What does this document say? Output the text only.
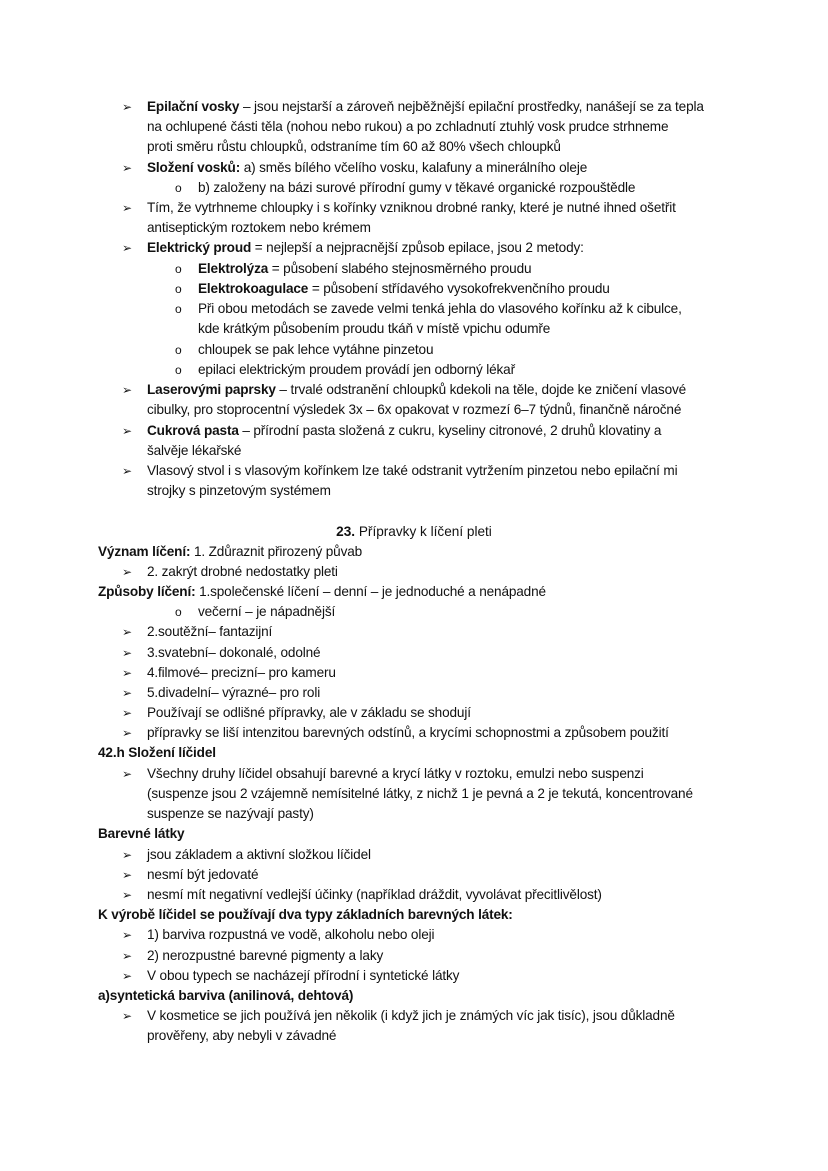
➢ Epilační vosky – jsou nejstarší a zároveň nejběžnější epilační prostředky, nanášejí se za tepla
na ochlupené části těla (nohou nebo rukou) a po zchladnutí ztuhlý vosk prudce strhneme
proti směru růstu chloupků, odstraníme tím 60 až 80% všech chloupků
➢ Složení vosků: a) směs bílého včelího vosku, kalafuny a minerálního oleje
o b) založeny na bázi surové přírodní gumy v těkavé organické rozpouštědle
➢ Tím, že vytrhneme chloupky i s kořínky vzniknou drobné ranky, které je nutné ihned ošetřit
antiseptickým roztokem nebo krémem
➢ Elektrický proud = nejlepší a nejpracnější způsob epilace, jsou 2 metody:
o Elektrolýza = působení slabého stejnosměrného proudu
o Elektrokoagulace = působení střídavého vysokofrekvenčního proudu
o Při obou metodách se zavede velmi tenká jehla do vlasového kořínku až k cibulce,
kde krátkým působením proudu tkáň v místě vpichu odumře
o chloupek se pak lehce vytáhne pinzetou
o epilaci elektrickým proudem provádí jen odborný lékař
➢ Laserovými paprsky – trvalé odstranění chloupků kdekoli na těle, dojde ke zničení vlasové
cibulky, pro stoprocentní výsledek 3x – 6x opakovat v rozmezí 6–7 týdnů, finančně náročné
➢ Cukrová pasta – přírodní pasta složená z cukru, kyseliny citronové, 2 druhů klovatiny a
šalvěje lékařské
➢ Vlasový stvol i s vlasovým kořínkem lze také odstranit vytržením pinzetou nebo epilační mi
strojky s pinzetovým systémem
23. Přípravky k líčení pleti
Význam líčení: 1. Zdůraznit přirozený půvab
➢ 2. zakrýt drobné nedostatky pleti
Způsoby líčení: 1.společenské líčení – denní – je jednoduché a nenápadné
o večerní – je nápadnější
➢ 2.soutěžní– fantazijní
➢ 3.svatební– dokonalé, odolné
➢ 4.filmové– precizní– pro kameru
➢ 5.divadelní– výrazné– pro roli
➢ Používají se odlišné přípravky, ale v základu se shodují
➢ přípravky se liší intenzitou barevných odstínů, a krycími schopnostmi a způsobem použití
42.h Složení líčidel
➢ Všechny druhy líčidel obsahují barevné a krycí látky v roztoku, emulzi nebo suspenzi
(suspenze jsou 2 vzájemně nemísitelné látky, z nichž 1 je pevná a 2 je tekutá, koncentrované
suspenze se nazývají pasty)
Barevné látky
➢ jsou základem a aktivní složkou líčidel
➢ nesmí být jedovaté
➢ nesmí mít negativní vedlejší účinky (například dráždit, vyvolávat přecitlivělost)
K výrobě líčidel se používají dva typy základních barevných látek:
➢ 1) barviva rozpustná ve vodě, alkoholu nebo oleji
➢ 2) nerozpustné barevné pigmenty a laky
➢ V obou typech se nacházejí přírodní i syntetické látky
a)syntetická barviva (anilinová, dehtová)
➢ V kosmetice se jich používá jen několik (i když jich je známých víc jak tisíc), jsou důkladně
prověřeny, aby nebyli v závadné
